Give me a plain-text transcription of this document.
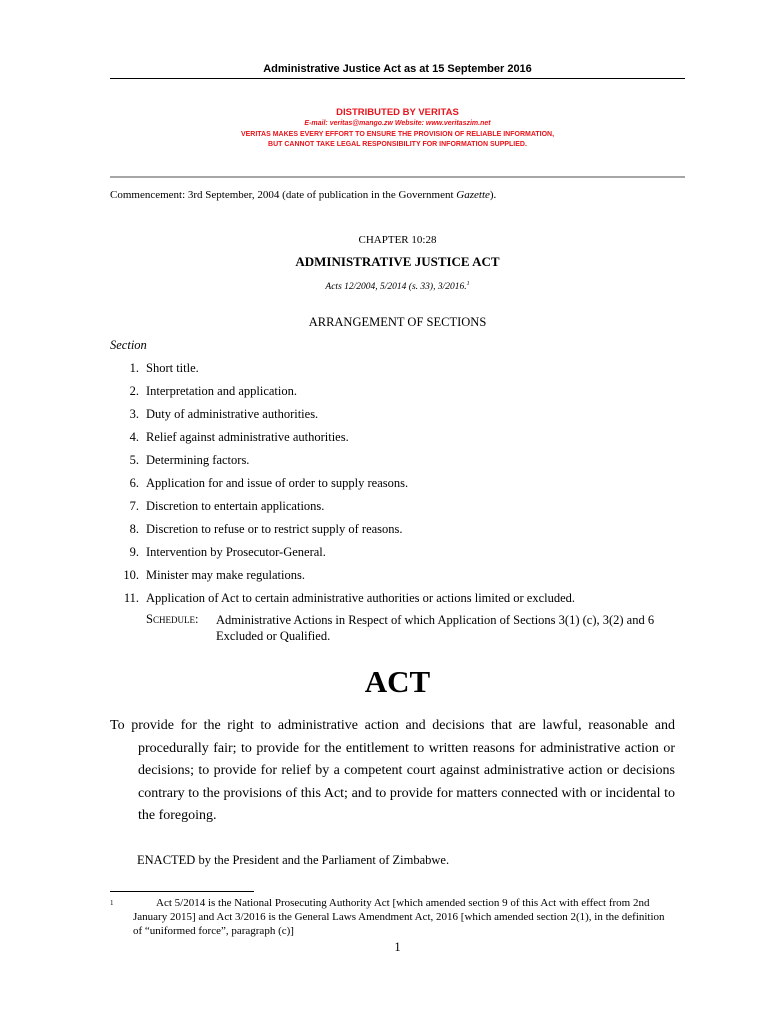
Administrative Justice Act as at 15 September 2016
DISTRIBUTED BY VERITAS
E-mail: veritas@mango.zw Website: www.veritaszim.net
VERITAS MAKES EVERY EFFORT TO ENSURE THE PROVISION OF RELIABLE INFORMATION,
BUT CANNOT TAKE LEGAL RESPONSIBILITY FOR INFORMATION SUPPLIED.
Commencement: 3rd September, 2004 (date of publication in the Government Gazette).
CHAPTER 10:28
ADMINISTRATIVE JUSTICE ACT
Acts 12/2004, 5/2014 (s. 33), 3/2016.$^1$
ARRANGEMENT OF SECTIONS
Section
1. Short title.
2. Interpretation and application.
3. Duty of administrative authorities.
4. Relief against administrative authorities.
5. Determining factors.
6. Application for and issue of order to supply reasons.
7. Discretion to entertain applications.
8. Discretion to refuse or to restrict supply of reasons.
9. Intervention by Prosecutor-General.
10. Minister may make regulations.
11. Application of Act to certain administrative authorities or actions limited or excluded.
Schedule: Administrative Actions in Respect of which Application of Sections 3(1) (c), 3(2) and 6 Excluded or Qualified.
ACT
To provide for the right to administrative action and decisions that are lawful, reasonable and procedurally fair; to provide for the entitlement to written reasons for administrative action or decisions; to provide for relief by a competent court against administrative action or decisions contrary to the provisions of this Act; and to provide for matters connected with or incidental to the foregoing.
ENACTED by the President and the Parliament of Zimbabwe.
1	Act 5/2014 is the National Prosecuting Authority Act [which amended section 9 of this Act with effect from 2nd January 2015] and Act 3/2016 is the General Laws Amendment Act, 2016 [which amended section 2(1), in the definition of “uniformed force”, paragraph (c)]
1
